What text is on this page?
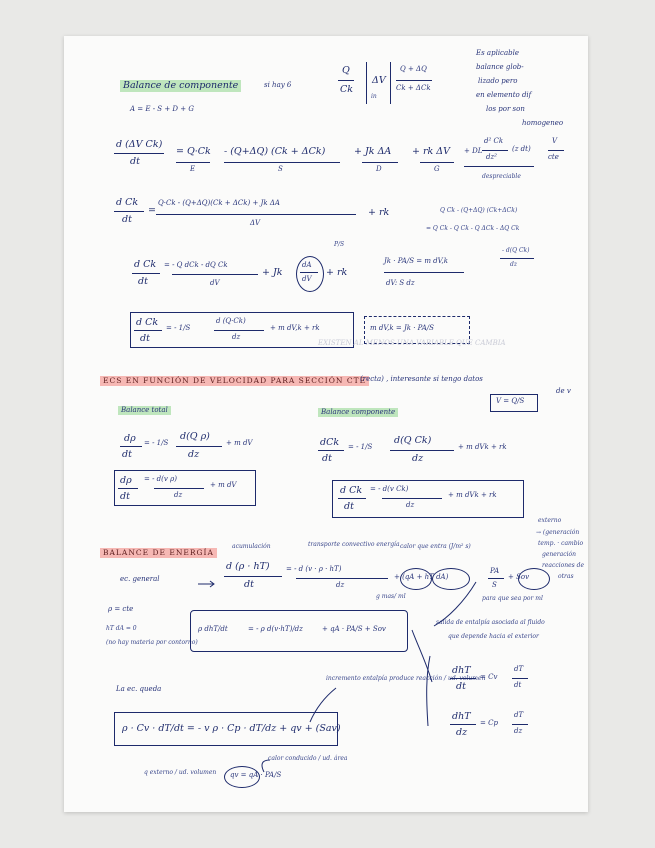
Balance de componente	si hay 6
Q
Ck
ΔV
in
Q + ΔQ
Ck + ΔCk
Es aplicable
balance glob-
lizado pero
en elemento dif
los por son
homogeneo
A = E - S + D + G
d (ΔV Ck)
dt
= Q·Ck - (Q+ΔQ) (Ck + ΔCk)	+ Jk ΔA + rk ΔV + DL
d² Ck
dz²
(z dt)
V
cte
E	S	D	G
despreciable
d Ck
dt
=
Q·Ck - (Q+ΔQ)(Ck + ΔCk) + Jk ΔA
ΔV
+ rk	Q Ck - (Q+ΔQ) (Ck+ΔCk)
= Q Ck - Q Ck - Q ΔCk - ΔQ Ck
- d(Q Ck)
dz
d Ck
dt
= - Q dCk - dQ Ck
dV
+ Jk
dA
dV
+ rk
P/S
Jk · PA/S = m dV,k
dV: S dz
d Ck
dt
= - 1/S
d (Q·Ck)
dz
+ m dV,k + rk	m dV,k = Jk · PA/S
EXISTEN AL MENOS UNA VARIABLE QUE CAMBIA
ECS EN FUNCIÓN DE VELOCIDAD PARA SECCIÓN CTE
(recta) , interesante si tengo datos
de v
V = Q/S
Balance total
dρ
dt
= - 1/S
d(Q ρ)
dz
+ m dV
dρ
dt
= - d(v ρ)
dz
+ m dV
Balance componente
dCk
dt
= - 1/S
d(Q Ck)
dz
+ m dVk + rk
d Ck
dt
= - d(v Ck)
dz
+ m dVk + rk
BALANCE DE ENERGÍA
acumulación	transporte convectivo energía calor que entra (J/m² s)
ec. general
d (ρ · hT)
dt
= - d (v · ρ · hT)
dz
+ (qA + hT dA)
PA
S
+ Sov
g mas/ ml	para que sea por ml
externo
→ (generación
temp. · cambio
generación
reacciones de
otras
ρ = cte
hT dA = 0
(no hay materia por contorno)
ρ dhT/dt	= - ρ d(v·hT)/dz	+ qA · PA/S + Sov
salida de entalpía asociada al fluido
que depende hacia el exterior
La ec. queda
incremento entalpía produce reacción / ud. volumen
ρ · Cv · dT/dt = - v ρ · Cp · dT/dz + qv + (Sav)
dhT
dt
= Cv
dT
dt
dhT
dz
= Cp
dT
dz
calor conducido / ud. área
qv = qA · PA/S
q externo / ud. volumen
